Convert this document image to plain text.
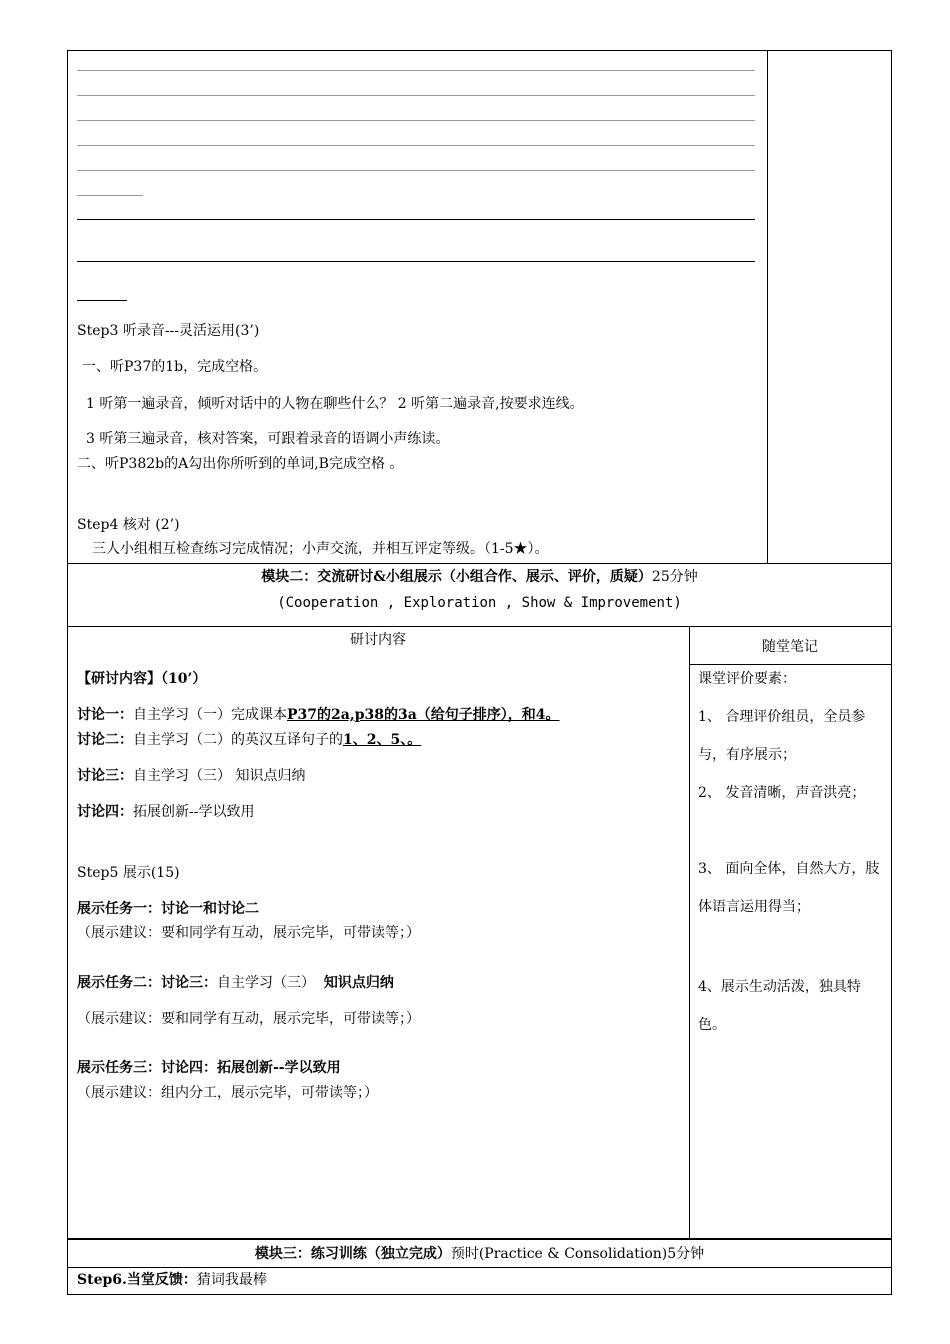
Step3 听录音---灵活运用(3’)
一、听P37的1b，完成空格。
1 听第一遍录音，倾听对话中的人物在聊些什么？ 2 听第二遍录音,按要求连线。
3 听第三遍录音，核对答案，可跟着录音的语调小声练读。
二、听P382b的A勾出你所听到的单词,B完成空格 。
Step4 核对 (2’)
三人小组相互检查练习完成情况；小声交流，并相互评定等级。（1-5★）。
模块二：交流研讨&小组展示（小组合作、展示、评价，质疑）25分钟
(Cooperation , Exploration , Show & Improvement)
研讨内容	随堂笔记
【研讨内容】（10’）
讨论一：自主学习（一）完成课本P37的2a,p38的3a（给句子排序），和4。
讨论二：自主学习（二）的英汉互译句子的1、2、5、。
讨论三：自主学习（三） 知识点归纳
讨论四：拓展创新--学以致用
Step5 展示(15)
展示任务一：讨论一和讨论二
（展示建议：要和同学有互动，展示完毕，可带读等；）
展示任务二：讨论三：自主学习（三） 知识点归纳
（展示建议：要和同学有互动，展示完毕，可带读等；）
展示任务三：讨论四：拓展创新--学以致用
（展示建议：组内分工，展示完毕，可带读等；）
课堂评价要素：
1、 合理评价组员，全员参与，有序展示；
2、 发音清晰，声音洪亮；
3、 面向全体，自然大方，肢体语言运用得当；
4、展示生动活泼，独具特色。
模块三：练习训练（独立完成）预时(Practice & Consolidation)5分钟
Step6.当堂反馈：猜词我最棒
